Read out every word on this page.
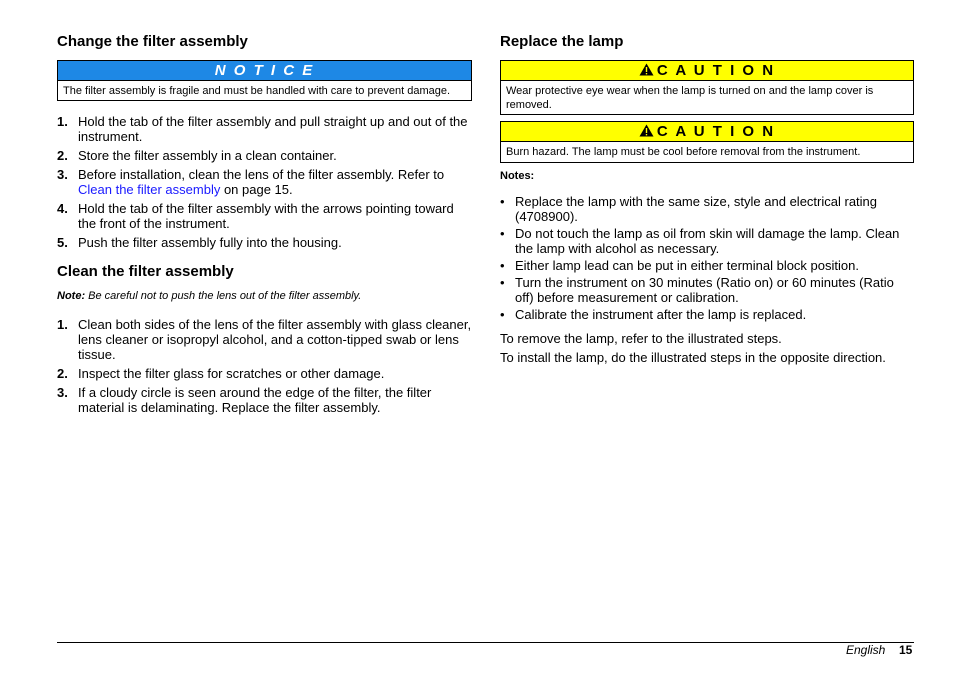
Change the filter assembly
N O T I C E
The filter assembly is fragile and must be handled with care to prevent damage.
1. Hold the tab of the filter assembly and pull straight up and out of the instrument.
2. Store the filter assembly in a clean container.
3. Before installation, clean the lens of the filter assembly. Refer to
Clean the filter assembly on page 15.
4. Hold the tab of the filter assembly with the arrows pointing toward the front of the instrument.
5. Push the filter assembly fully into the housing.
Clean the filter assembly
Note: Be careful not to push the lens out of the filter assembly.
1. Clean both sides of the lens of the filter assembly with glass cleaner, lens cleaner or isopropyl alcohol, and a cotton-tipped swab or lens tissue.
2. Inspect the filter glass for scratches or other damage.
3. If a cloudy circle is seen around the edge of the filter, the filter material is delaminating. Replace the filter assembly.
Replace the lamp
C A U T I O N
Wear protective eye wear when the lamp is turned on and the lamp cover is removed.
C A U T I O N
Burn hazard. The lamp must be cool before removal from the instrument.
Notes:
• Replace the lamp with the same size, style and electrical rating (4708900).
• Do not touch the lamp as oil from skin will damage the lamp. Clean the lamp with alcohol as necessary.
• Either lamp lead can be put in either terminal block position.
• Turn the instrument on 30 minutes (Ratio on) or 60 minutes (Ratio off) before measurement or calibration.
• Calibrate the instrument after the lamp is replaced.
To remove the lamp, refer to the illustrated steps.
To install the lamp, do the illustrated steps in the opposite direction.
English 15
